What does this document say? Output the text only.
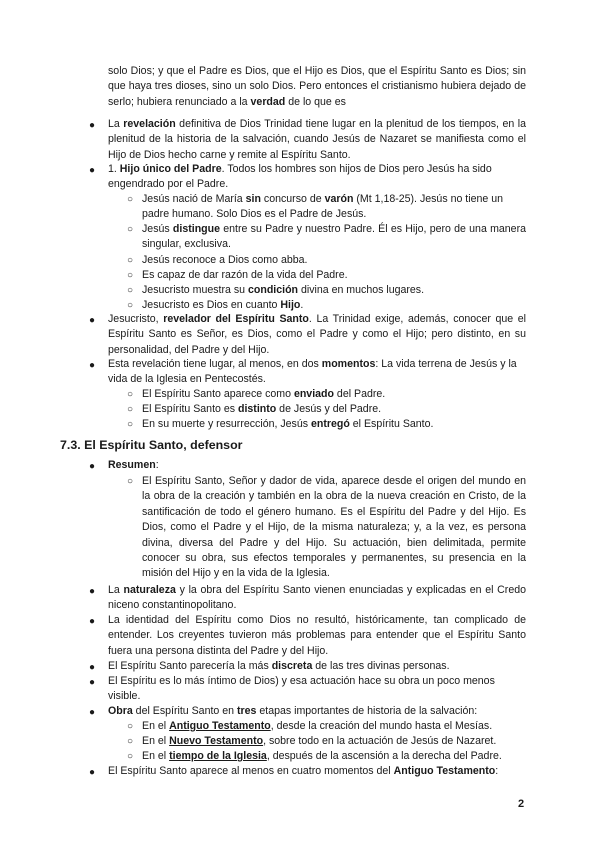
solo Dios; y que el Padre es Dios, que el Hijo es Dios, que el Espíritu Santo es Dios; sin que haya tres dioses, sino un solo Dios. Pero entonces el cristianismo hubiera dejado de serlo; hubiera renunciado a la verdad de lo que es
● La revelación definitiva de Dios Trinidad tiene lugar en la plenitud de los tiempos, en la plenitud de la historia de la salvación, cuando Jesús de Nazaret se manifiesta como el Hijo de Dios hecho carne y remite al Espíritu Santo.
● 1. Hijo único del Padre. Todos los hombres son hijos de Dios pero Jesús ha sido engendrado por el Padre.
○ Jesús nació de María sin concurso de varón (Mt 1,18-25). Jesús no tiene un padre humano. Solo Dios es el Padre de Jesús.
○ Jesús distingue entre su Padre y nuestro Padre. Él es Hijo, pero de una manera singular, exclusiva.
○ Jesús reconoce a Dios como abba.
○ Es capaz de dar razón de la vida del Padre.
○ Jesucristo muestra su condición divina en muchos lugares.
○ Jesucristo es Dios en cuanto Hijo.
● Jesucristo, revelador del Espíritu Santo. La Trinidad exige, además, conocer que el Espíritu Santo es Señor, es Dios, como el Padre y como el Hijo; pero distinto, en su personalidad, del Padre y del Hijo.
● Esta revelación tiene lugar, al menos, en dos momentos: La vida terrena de Jesús y la vida de la Iglesia en Pentecostés.
○ El Espíritu Santo aparece como enviado del Padre.
○ El Espíritu Santo es distinto de Jesús y del Padre.
○ En su muerte y resurrección, Jesús entregó el Espíritu Santo.
7.3. El Espíritu Santo, defensor
● Resumen:
○ El Espíritu Santo, Señor y dador de vida, aparece desde el origen del mundo en la obra de la creación y también en la obra de la nueva creación en Cristo, de la santificación de todo el género humano. Es el Espíritu del Padre y del Hijo. Es Dios, como el Padre y el Hijo, de la misma naturaleza; y, a la vez, es persona divina, diversa del Padre y del Hijo. Su actuación, bien delimitada, permite conocer su obra, sus efectos temporales y permanentes, su presencia en la misión del Hijo y en la vida de la Iglesia.
● La naturaleza y la obra del Espíritu Santo vienen enunciadas y explicadas en el Credo niceno constantinopolitano.
● La identidad del Espíritu como Dios no resultó, históricamente, tan complicado de entender. Los creyentes tuvieron más problemas para entender que el Espíritu Santo fuera una persona distinta del Padre y del Hijo.
● El Espíritu Santo parecería la más discreta de las tres divinas personas.
● El Espíritu es lo más íntimo de Dios) y esa actuación hace su obra un poco menos visible.
● Obra del Espíritu Santo en tres etapas importantes de historia de la salvación:
○ En el Antiguo Testamento, desde la creación del mundo hasta el Mesías.
○ En el Nuevo Testamento, sobre todo en la actuación de Jesús de Nazaret.
○ En el tiempo de la Iglesia, después de la ascensión a la derecha del Padre.
● El Espíritu Santo aparece al menos en cuatro momentos del Antiguo Testamento:
2
